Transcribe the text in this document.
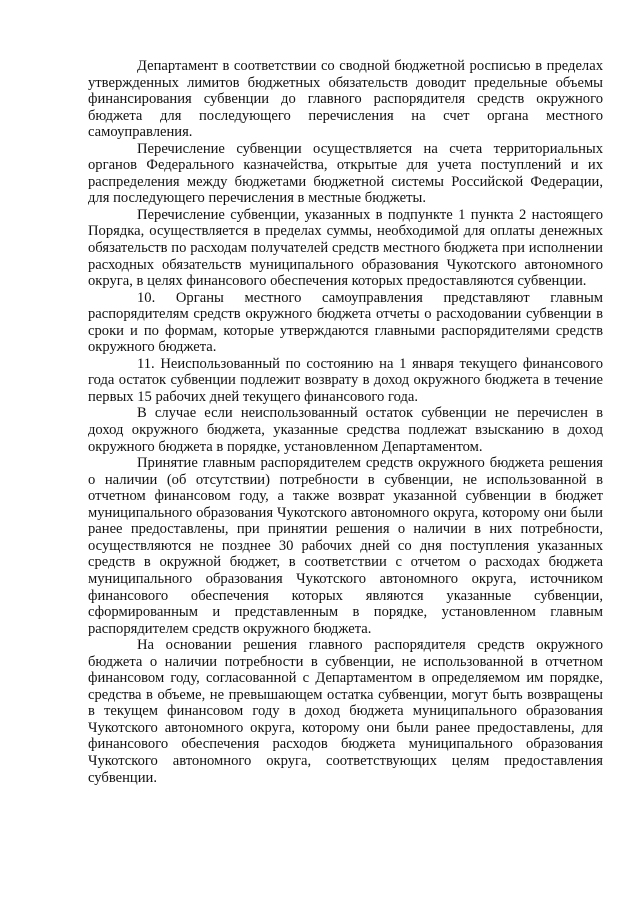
Департамент в соответствии со сводной бюджетной росписью в пределах утвержденных лимитов бюджетных обязательств доводит предельные объемы финансирования субвенции до главного распорядителя средств окружного бюджета для последующего перечисления на счет органа местного самоуправления.

Перечисление субвенции осуществляется на счета территориальных органов Федерального казначейства, открытые для учета поступлений и их распределения между бюджетами бюджетной системы Российской Федерации, для последующего перечисления в местные бюджеты.

Перечисление субвенции, указанных в подпункте 1 пункта 2 настоящего Порядка, осуществляется в пределах суммы, необходимой для оплаты денежных обязательств по расходам получателей средств местного бюджета при исполнении расходных обязательств муниципального образования Чукотского автономного округа, в целях финансового обеспечения которых предоставляются субвенции.

10. Органы местного самоуправления представляют главным распорядителям средств окружного бюджета отчеты о расходовании субвенции в сроки и по формам, которые утверждаются главными распорядителями средств окружного бюджета.

11. Неиспользованный по состоянию на 1 января текущего финансового года остаток субвенции подлежит возврату в доход окружного бюджета в течение первых 15 рабочих дней текущего финансового года.

В случае если неиспользованный остаток субвенции не перечислен в доход окружного бюджета, указанные средства подлежат взысканию в доход окружного бюджета в порядке, установленном Департаментом.

Принятие главным распорядителем средств окружного бюджета решения о наличии (об отсутствии) потребности в субвенции, не использованной в отчетном финансовом году, а также возврат указанной субвенции в бюджет муниципального образования Чукотского автономного округа, которому они были ранее предоставлены, при принятии решения о наличии в них потребности, осуществляются не позднее 30 рабочих дней со дня поступления указанных средств в окружной бюджет, в соответствии с отчетом о расходах бюджета муниципального образования Чукотского автономного округа, источником финансового обеспечения которых являются указанные субвенции, сформированным и представленным в порядке, установленном главным распорядителем средств окружного бюджета.

На основании решения главного распорядителя средств окружного бюджета о наличии потребности в субвенции, не использованной в отчетном финансовом году, согласованной с Департаментом в определяемом им порядке, средства в объеме, не превышающем остатка субвенции, могут быть возвращены в текущем финансовом году в доход бюджета муниципального образования Чукотского автономного округа, которому они были ранее предоставлены, для финансового обеспечения расходов бюджета муниципального образования Чукотского автономного округа, соответствующих целям предоставления субвенции.
